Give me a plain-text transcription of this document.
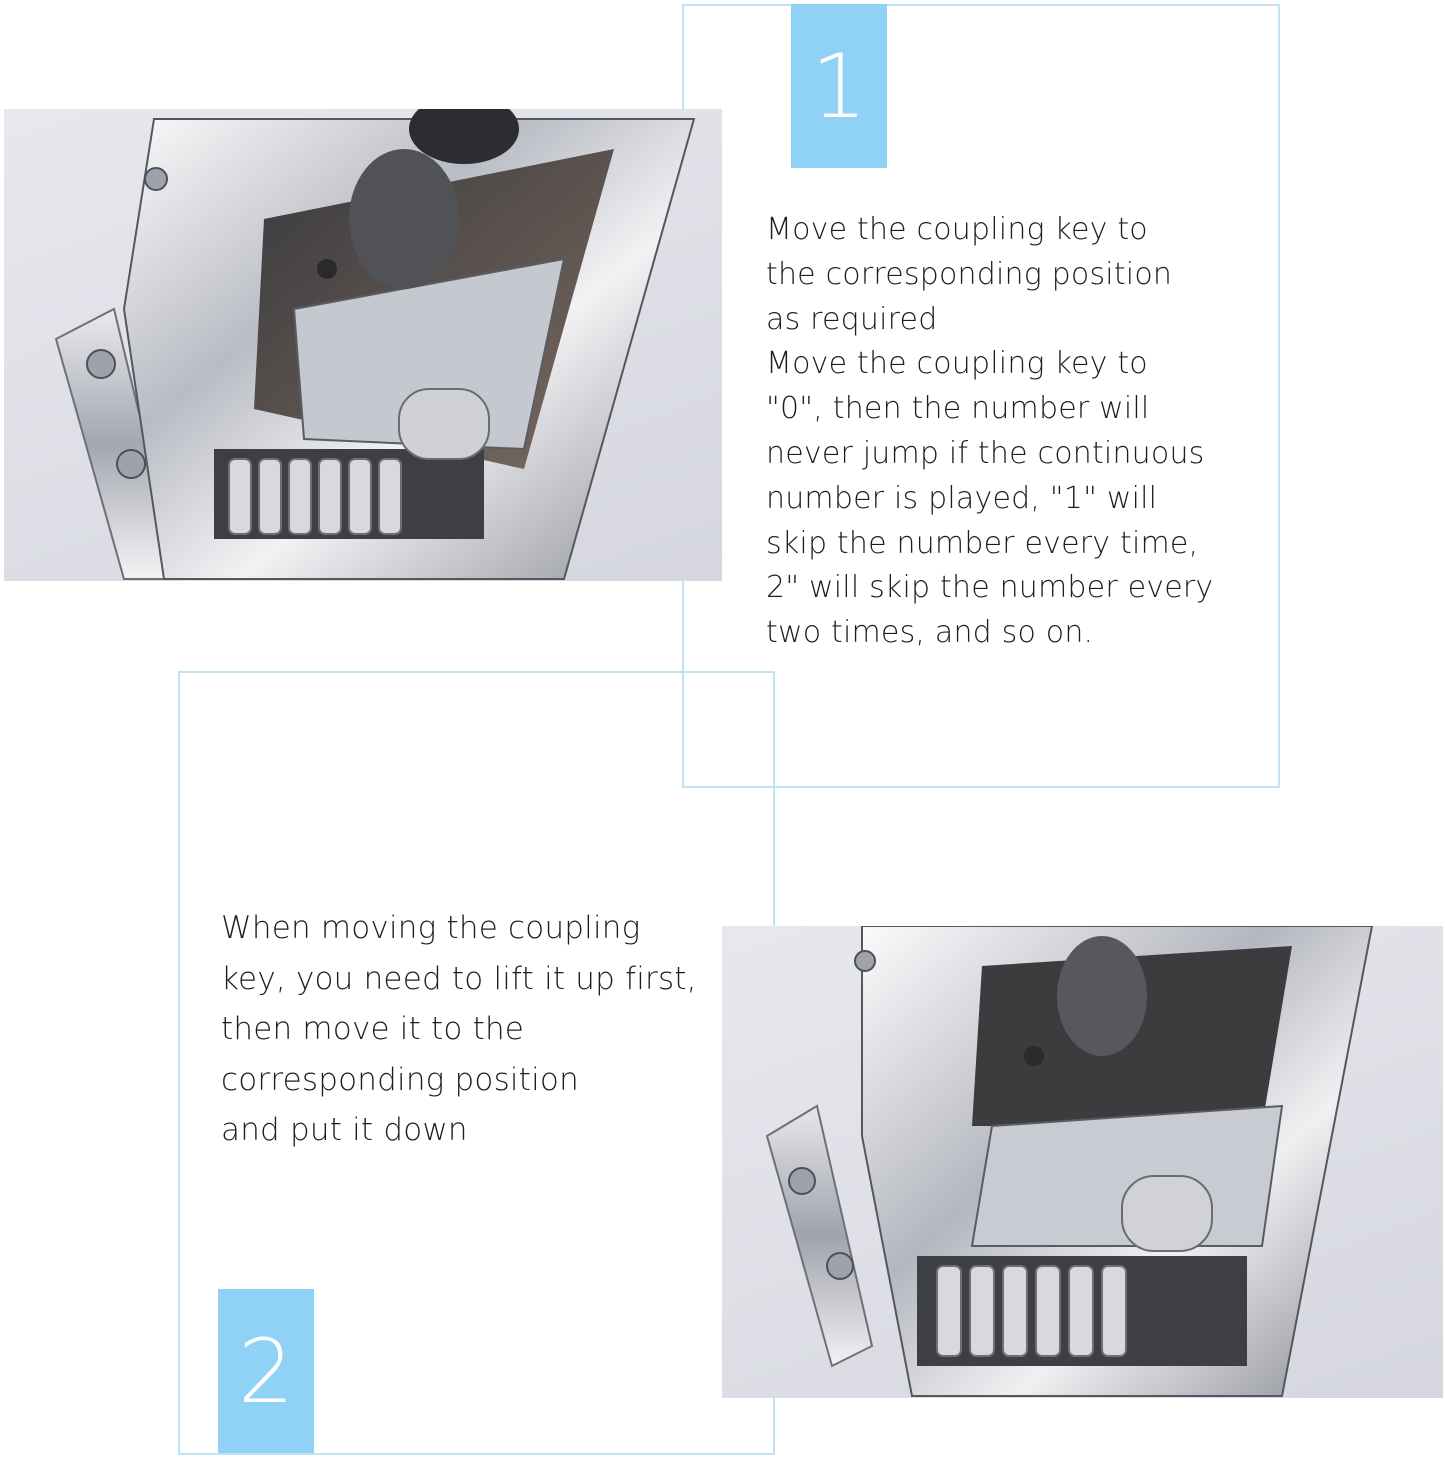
1
2
Move the coupling key to
the corresponding position
as required
Move the coupling key to
"0", then the number will
never jump if the continuous
number is played, "1" will
skip the number every time,
2" will skip the number every
two times, and so on.
When moving the coupling
key, you need to lift it up first,
then move it to the
corresponding position
and put it down
